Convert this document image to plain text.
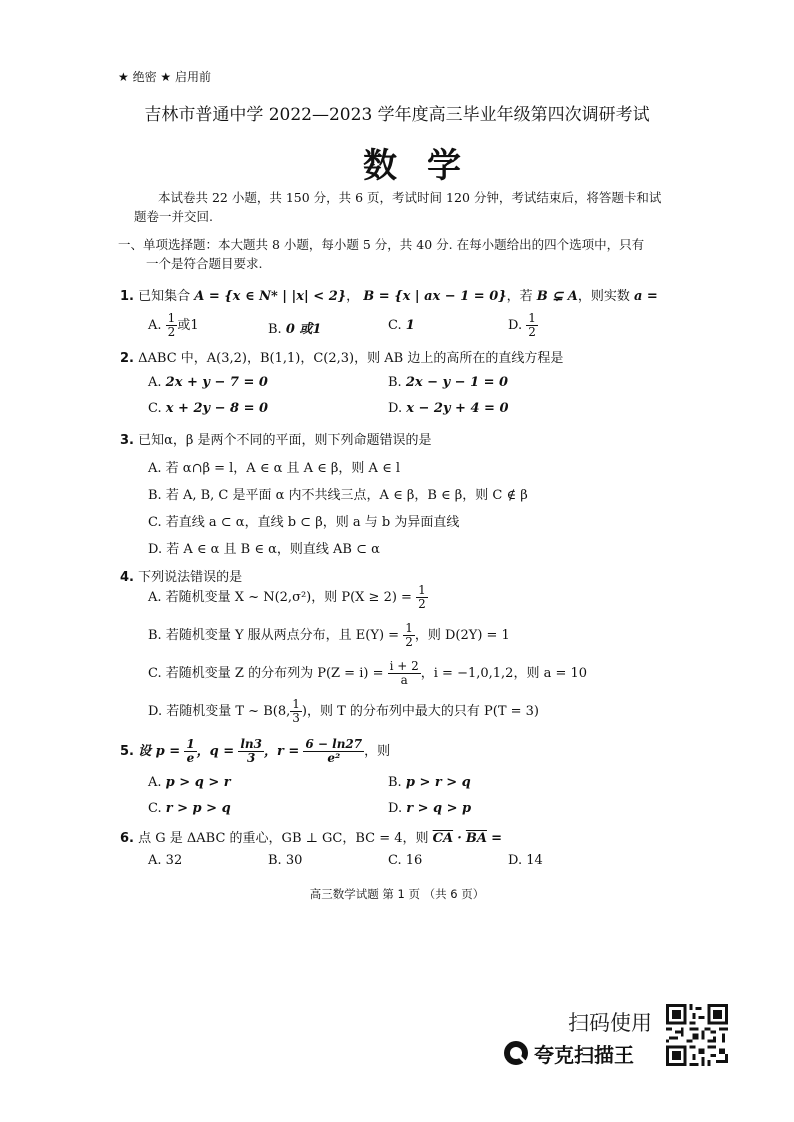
★ 绝密 ★ 启用前
吉林市普通中学 2022—2023 学年度高三毕业年级第四次调研考试
数学
本试卷共 22 小题，共 150 分，共 6 页，考试时间 120 分钟，考试结束后，将答题卡和试
题卷一并交回.
一、单项选择题：本大题共 8 小题，每小题 5 分，共 40 分. 在每小题给出的四个选项中，只有
一个是符合题目要求.
1. 已知集合 A = {x ∈ N* | |x| < 2}， B = {x | ax − 1 = 0}，若 B ⊊ A，则实数 a =
A. $\frac{1}{2}$ 或1	B. 0 或1	C. 1	D. $\frac{1}{2}$
2. ΔABC 中，A(3,2)，B(1,1)，C(2,3)，则 AB 边上的高所在的直线方程是
A. 2x + y − 7 = 0	B. 2x − y − 1 = 0
C. x + 2y − 8 = 0	D. x − 2y + 4 = 0
3. 已知α，β 是两个不同的平面，则下列命题错误的是
A. 若 α∩β = l，A ∈ α 且 A ∈ β，则 A ∈ l
B. 若 A, B, C 是平面 α 内不共线三点，A ∈ β，B ∈ β，则 C ∉ β
C. 若直线 a ⊂ α，直线 b ⊂ β，则 a 与 b 为异面直线
D. 若 A ∈ α 且 B ∈ α，则直线 AB ⊂ α
4. 下列说法错误的是
A. 若随机变量 X ~ N(2,σ²)，则 $P(X \ge 2) = \frac{1}{2}$
B. 若随机变量 Y 服从两点分布，且 $E(Y) = \frac{1}{2}$ ，则 D(2Y) = 1
C. 若随机变量 Z 的分布列为 $P(Z = i) = \frac{i + 2}{a}$ ，i = −1,0,1,2，则 a = 10
D. 若随机变量 T ~ B(8, $\frac{1}{3}$ )，则 T 的分布列中最大的只有 P(T = 3)
5. 设 $p = \frac{1}{e}$ ，$q = \frac{\ln 3}{3}$ ，$r = \frac{6 - \ln 27}{\text{e²}}$ ，则
A. p > q > r	B. p > r > q
C. r > p > q	D. r > q > p
6. 点 G 是 ΔABC 的重心，GB ⊥ GC，BC = 4，则 $\overline{CA} \cdot \overline{BA}$ =
A. 32	B. 30	C. 16	D. 14
高三数学试题 第 1 页 （共 6 页）
扫码使用
夸克扫描王
